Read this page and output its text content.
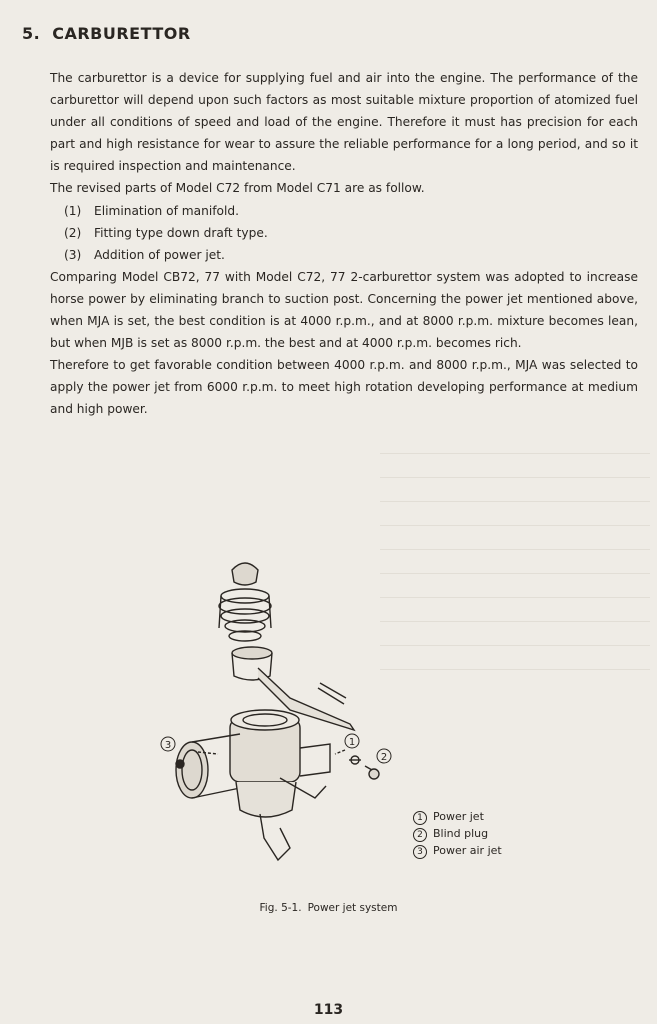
5. CARBURETTOR

The carburettor is a device for supplying fuel and air into the engine. The performance of the carburettor will depend upon such factors as most suitable mixture proportion of atomized fuel under all conditions of speed and load of the engine. Therefore it must has precision for each part and high resistance for wear to assure the reliable performance for a long period, and so it is required inspection and maintenance.

The revised parts of Model C72 from Model C71 are as follow.

(1) Elimination of manifold.
(2) Fitting type down draft type.
(3) Addition of power jet.

Comparing Model CB72, 77 with Model C72, 77 2-carburettor system was adopted to increase horse power by eliminating branch to suction post. Concerning the power jet mentioned above, when MJA is set, the best condition is at 4000 r.p.m., and at 8000 r.p.m. mixture becomes lean, but when MJB is set as 8000 r.p.m. the best and at 4000 r.p.m. becomes rich.

Therefore to get favorable condition between 4000 r.p.m. and 8000 r.p.m., MJA was selected to apply the power jet from 6000 r.p.m. to meet high rotation developing performance at medium and high power.

3	1
2
1 Power jet
2 Blind plug
3 Power air jet
Fig. 5-1. Power jet system
113
